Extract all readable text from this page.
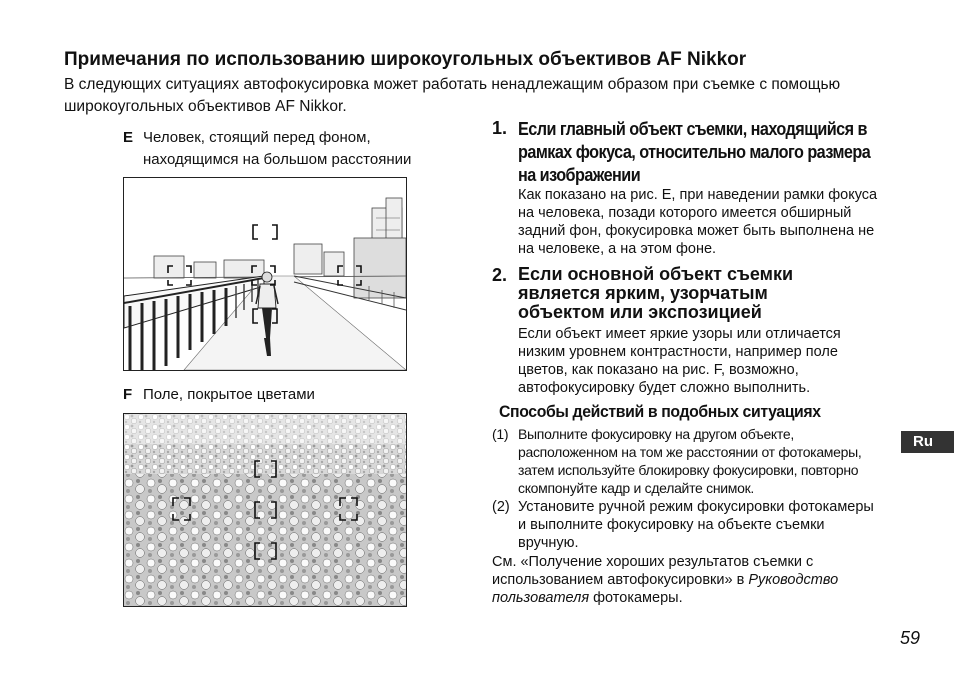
Примечания по использованию широкоугольных объективов AF Nikkor
В следующих ситуациях автофокусировка может работать ненадлежащим образом при съемке с помощью широкоугольных объективов AF Nikkor.
E Человек, стоящий перед фоном, находящимся на большом расстоянии
F Поле, покрытое цветами
1. Если главный объект съемки, находящийся в рамках фокуса, относительно малого размера на изображении
Как показано на рис. E, при наведении рамки фокуса на человека, позади которого имеется обширный задний фон, фокусировка может быть выполнена не на человеке, а на этом фоне.
2. Если основной объект съемки является ярким, узорчатым объектом или экспозицией
Если объект имеет яркие узоры или отличается низким уровнем контрастности, например поле цветов, как показано на рис. F, возможно, автофокусировку будет сложно выполнить.
Способы действий в подобных ситуациях
(1) Выполните фокусировку на другом объекте, расположенном на том же расстоянии от фотокамеры, затем используйте блокировку фокусировки, повторно скомпонуйте кадр и сделайте снимок.
(2) Установите ручной режим фокусировки фотокамеры и выполните фокусировку на объекте съемки вручную.
См. «Получение хороших результатов съемки с использованием автофокусировки» в Руководство пользователя фотокамеры.
Ru
59
